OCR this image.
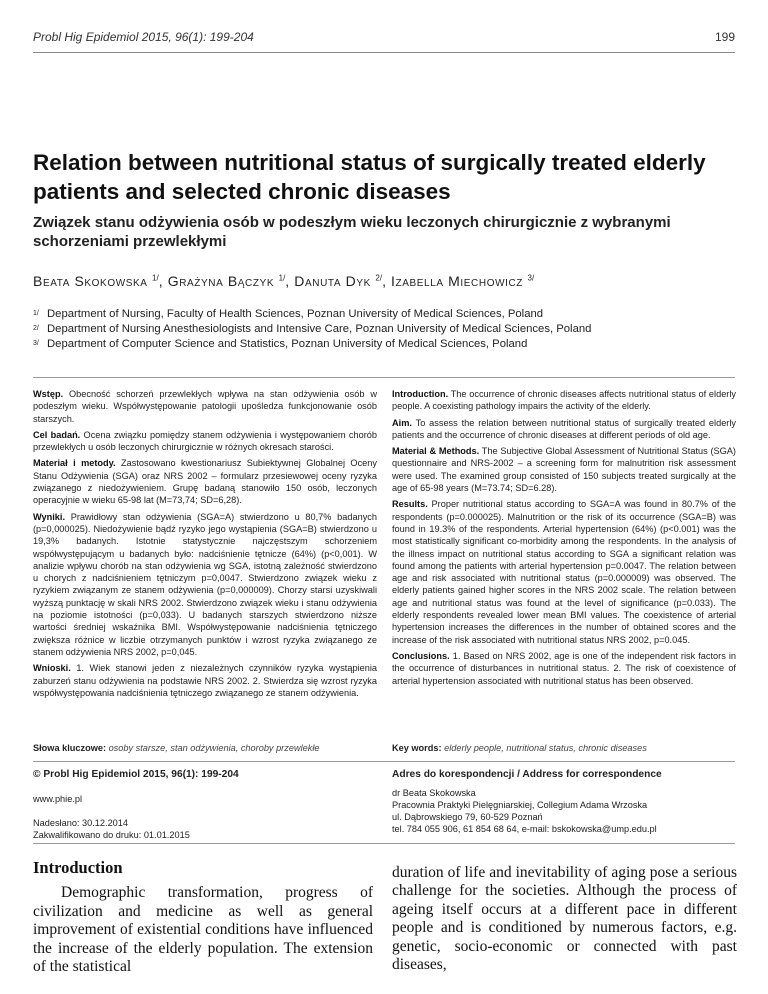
Probl Hig Epidemiol 2015, 96(1): 199-204	199
Relation between nutritional status of surgically treated elderly patients and selected chronic diseases
Związek stanu odżywienia osób w podeszłym wieku leczonych chirurgicznie z wybranymi schorzeniami przewlekłymi
Beata Skokowska $^{1/}$, Grażyna Bączyk $^{1/}$, Danuta Dyk $^{2/}$, Izabella Miechowicz $^{3/}$
1/ Department of Nursing, Faculty of Health Sciences, Poznan University of Medical Sciences, Poland
2/ Department of Nursing Anesthesiologists and Intensive Care, Poznan University of Medical Sciences, Poland
3/ Department of Computer Science and Statistics, Poznan University of Medical Sciences, Poland

Wstęp. Obecność schorzeń przewlekłych wpływa na stan odżywienia osób w podeszłym wieku. Współwystępowanie patologii upośledza funkcjonowanie osób starszych.

Cel badań. Ocena związku pomiędzy stanem odżywienia i występowaniem chorób przewlekłych u osób leczonych chirurgicznie w różnych okresach starości.

Materiał i metody. Zastosowano kwestionariusz Subiektywnej Globalnej Oceny Stanu Odżywienia (SGA) oraz NRS 2002 – formularz przesiewowej oceny ryzyka związanego z niedożywieniem. Grupę badaną stanowiło 150 osób, leczonych operacyjnie w wieku 65-98 lat (M=73,74; SD=6,28).

Wyniki. Prawidłowy stan odżywienia (SGA=A) stwierdzono u 80,7% badanych (p=0,000025). Niedożywienie bądź ryzyko jego wystąpienia (SGA=B) stwierdzono u 19,3% badanych. Istotnie statystycznie najczęstszym schorzeniem współwystępującym u badanych było: nadciśnienie tętnicze (64%) (p<0,001). W analizie wpływu chorób na stan odżywienia wg SGA, istotną zależność stwierdzono u chorych z nadciśnieniem tętniczym p=0,0047. Stwierdzono związek wieku z ryzykiem związanym ze stanem odżywienia (p=0,000009). Chorzy starsi uzyskiwali wyższą punktację w skali NRS 2002. Stwierdzono związek wieku i stanu odżywienia na poziomie istotności (p=0,033). U badanych starszych stwierdzono niższe wartości średniej wskaźnika BMI. Współwystępowanie nadciśnienia tętniczego zwiększa różnice w liczbie otrzymanych punktów i wzrost ryzyka związanego ze stanem odżywienia NRS 2002, p=0,045.

Wnioski. 1. Wiek stanowi jeden z niezależnych czynników ryzyka wystąpienia zaburzeń stanu odżywienia na podstawie NRS 2002. 2. Stwierdza się wzrost ryzyka współwystępowania nadciśnienia tętniczego związanego ze stanem odżywienia.

Introduction. The occurrence of chronic diseases affects nutritional status of elderly people. A coexisting pathology impairs the activity of the elderly.

Aim. To assess the relation between nutritional status of surgically treated elderly patients and the occurrence of chronic diseases at different periods of old age.

Material & Methods. The Subjective Global Assessment of Nutritional Status (SGA) questionnaire and NRS-2002 – a screening form for malnutrition risk assessment were used. The examined group consisted of 150 subjects treated surgically at the age of 65-98 years (M=73.74; SD=6.28).

Results. Proper nutritional status according to SGA=A was found in 80.7% of the respondents (p=0.000025). Malnutrition or the risk of its occurrence (SGA=B) was found in 19.3% of the respondents. Arterial hypertension (64%) (p<0.001) was the most statistically significant co-morbidity among the respondents. In the analysis of the illness impact on nutritional status according to SGA a significant relation was found among the patients with arterial hypertension p=0.0047. The relation between age and risk associated with nutritional status (p=0.000009) was observed. The elderly patients gained higher scores in the NRS 2002 scale. The relation between age and nutritional status was found at the level of significance (p=0.033). The elderly respondents revealed lower mean BMI values. The coexistence of arterial hypertension increases the differences in the number of obtained scores and the increase of the risk associated with nutritional status NRS 2002, p=0.045.

Conclusions. 1. Based on NRS 2002, age is one of the independent risk factors in the occurrence of disturbances in nutritional status. 2. The risk of coexistence of arterial hypertension associated with nutritional status has been observed.

Słowa kluczowe: osoby starsze, stan odżywienia, choroby przewlekłe	Key words: elderly people, nutritional status, chronic diseases
© Probl Hig Epidemiol 2015, 96(1): 199-204
www.phie.pl
Nadesłano: 30.12.2014
Zakwalifikowano do druku: 01.01.2015
Adres do korespondencji / Address for correspondence
dr Beata Skokowska
Pracownia Praktyki Pielęgniarskiej, Collegium Adama Wrzoska
ul. Dąbrowskiego 79, 60-529 Poznań
tel. 784 055 906, 61 854 68 64, e-mail: bskokowska@ump.edu.pl
Introduction

Demographic transformation, progress of civilization and medicine as well as general improvement of existential conditions have influenced the increase of the elderly population. The extension of the statistical

duration of life and inevitability of aging pose a serious challenge for the societies. Although the process of ageing itself occurs at a different pace in different people and is conditioned by numerous factors, e.g. genetic, socio-economic or connected with past diseases,
